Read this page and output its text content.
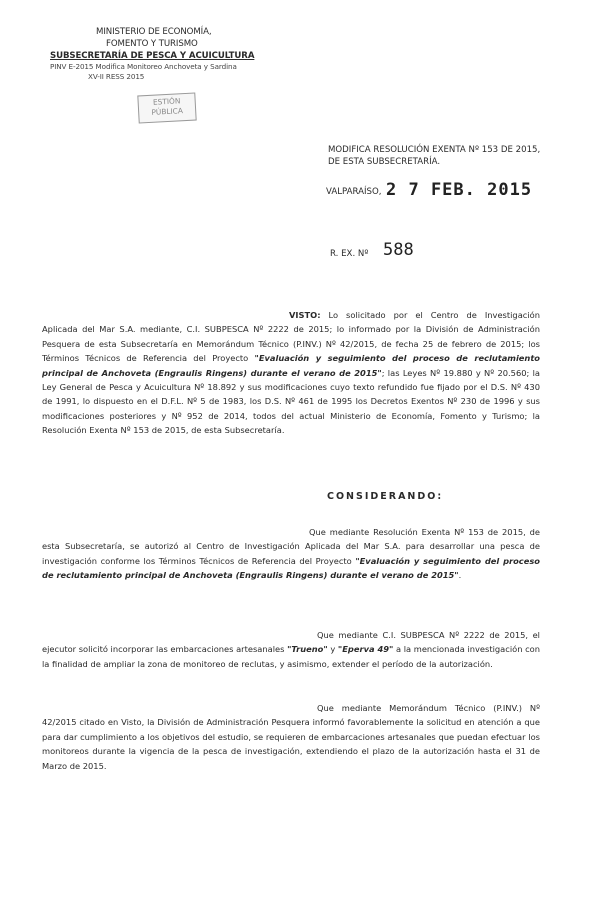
MINISTERIO DE ECONOMÍA,
FOMENTO Y TURISMO
SUBSECRETARÍA DE PESCA Y ACUICULTURA
PINV E-2015 Modifica Monitoreo Anchoveta y Sardina
XV-II RESS 2015
ESTIÓN
PÚBLICA
MODIFICA RESOLUCIÓN EXENTA Nº 153 DE 2015,
DE ESTA SUBSECRETARÍA.
VALPARAÍSO, 2 7 FEB. 2015
R. EX. Nº 588
VISTO: Lo solicitado por el Centro de Investigación Aplicada del Mar S.A. mediante, C.I. SUBPESCA Nº 2222 de 2015; lo informado por la División de Administración Pesquera de esta Subsecretaría en Memorándum Técnico (P.INV.) Nº 42/2015, de fecha 25 de febrero de 2015; los Términos Técnicos de Referencia del Proyecto "Evaluación y seguimiento del proceso de reclutamiento principal de Anchoveta (Engraulis Ringens) durante el verano de 2015"; las Leyes Nº 19.880 y Nº 20.560; la Ley General de Pesca y Acuicultura Nº 18.892 y sus modificaciones cuyo texto refundido fue fijado por el D.S. Nº 430 de 1991, lo dispuesto en el D.F.L. Nº 5 de 1983, los D.S. Nº 461 de 1995 los Decretos Exentos Nº 230 de 1996 y sus modificaciones posteriores y Nº 952 de 2014, todos del actual Ministerio de Economía, Fomento y Turismo; la Resolución Exenta Nº 153 de 2015, de esta Subsecretaría.
CONSIDERANDO:
Que mediante Resolución Exenta Nº 153 de 2015, de esta Subsecretaría, se autorizó al Centro de Investigación Aplicada del Mar S.A. para desarrollar una pesca de investigación conforme los Términos Técnicos de Referencia del Proyecto "Evaluación y seguimiento del proceso de reclutamiento principal de Anchoveta (Engraulis Ringens) durante el verano de 2015".
Que mediante C.I. SUBPESCA Nº 2222 de 2015, el ejecutor solicitó incorporar las embarcaciones artesanales "Trueno" y "Eperva 49" a la mencionada investigación con la finalidad de ampliar la zona de monitoreo de reclutas, y asimismo, extender el período de la autorización.
Que mediante Memorándum Técnico (P.INV.) Nº 42/2015 citado en Visto, la División de Administración Pesquera informó favorablemente la solicitud en atención a que para dar cumplimiento a los objetivos del estudio, se requieren de embarcaciones artesanales que puedan efectuar los monitoreos durante la vigencia de la pesca de investigación, extendiendo el plazo de la autorización hasta el 31 de Marzo de 2015.
